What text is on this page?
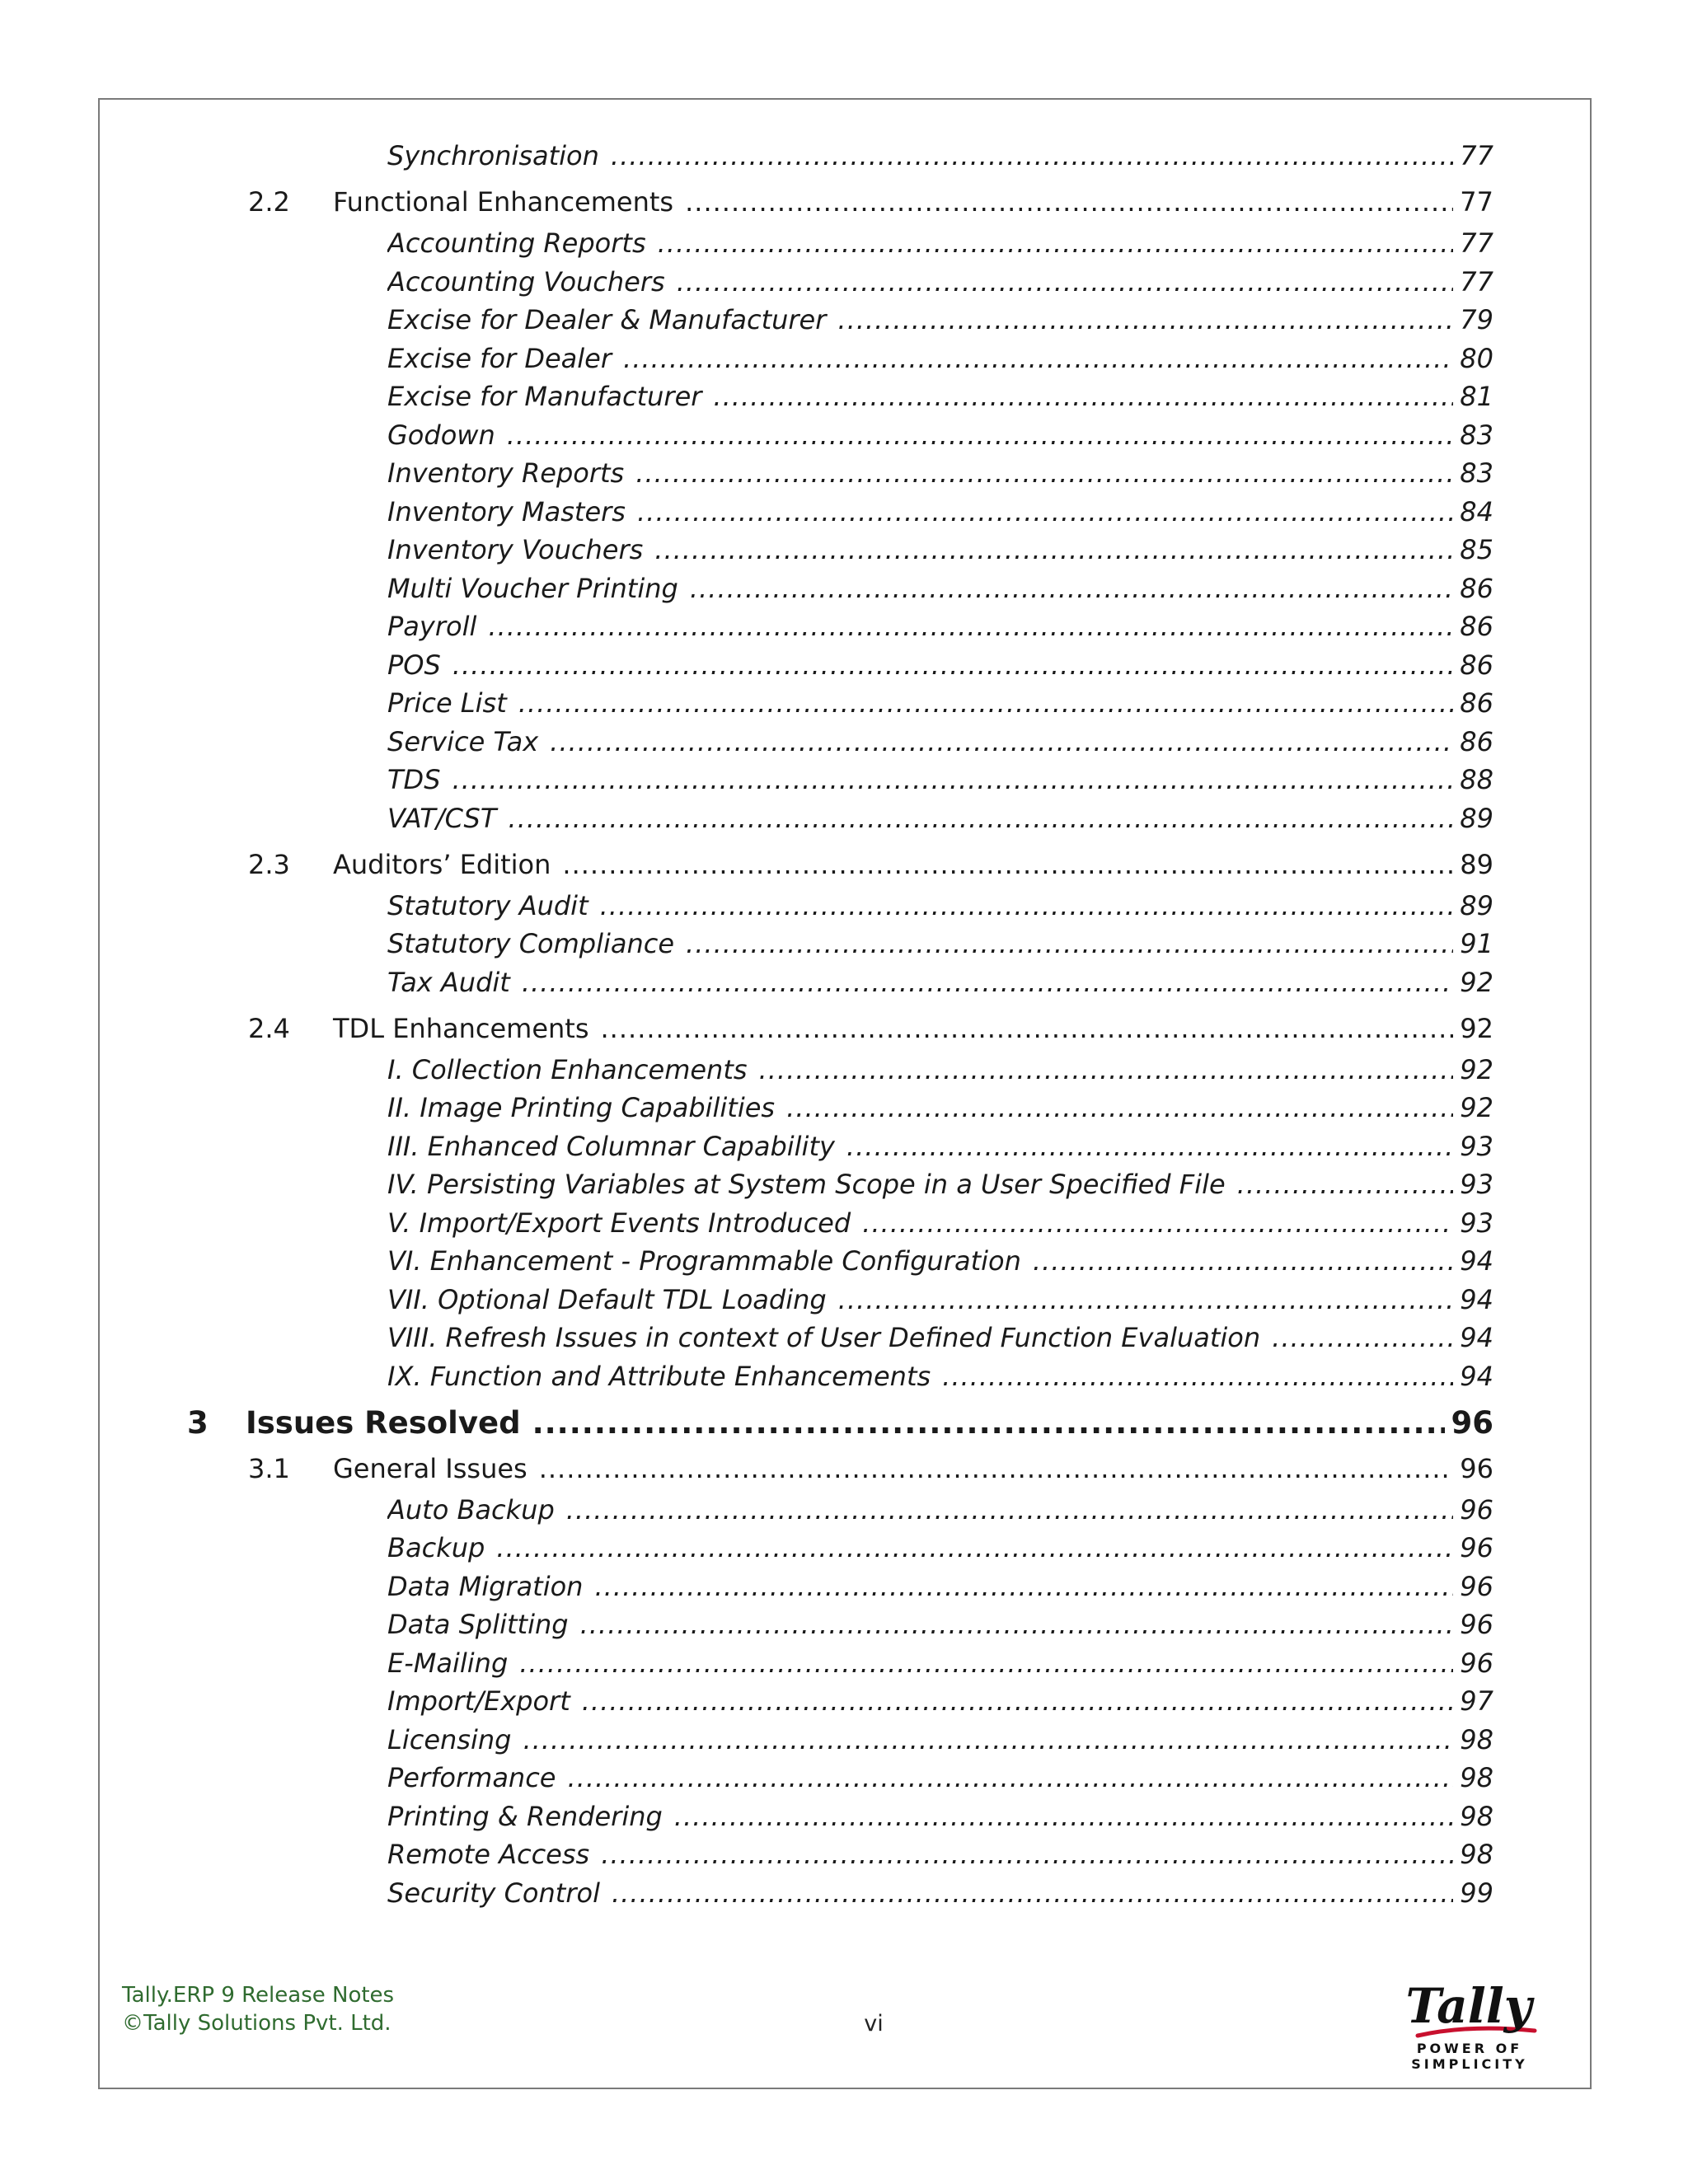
Synchronisation .....	77
2.2	Functional Enhancements .....	77
Accounting Reports .....	77
Accounting Vouchers .....	77
Excise for Dealer & Manufacturer .....	79
Excise for Dealer .....	80
Excise for Manufacturer .....	81
Godown .....	83
Inventory Reports .....	83
Inventory Masters .....	84
Inventory Vouchers .....	85
Multi Voucher Printing .....	86
Payroll .....	86
POS .....	86
Price List .....	86
Service Tax .....	86
TDS .....	88
VAT/CST .....	89
2.3	Auditors’ Edition .....	89
Statutory Audit .....	89
Statutory Compliance .....	91
Tax Audit .....	92
2.4	TDL Enhancements .....	92
I. Collection Enhancements .....	92
II. Image Printing Capabilities .....	92
III. Enhanced Columnar Capability .....	93
IV. Persisting Variables at System Scope in a User Specified File .....	93
V. Import/Export Events Introduced .....	93
VI. Enhancement - Programmable Configuration .....	94
VII. Optional Default TDL Loading .....	94
VIII. Refresh Issues in context of User Defined Function Evaluation .....	94
IX. Function and Attribute Enhancements .....	94
3	Issues Resolved .....	96
3.1	General Issues .....	96
Auto Backup .....	96
Backup .....	96
Data Migration .....	96
Data Splitting .....	96
E-Mailing .....	96
Import/Export .....	97
Licensing .....	98
Performance .....	98
Printing & Rendering .....	98
Remote Access .....	98
Security Control .....	99
Tally.ERP 9 Release Notes
©Tally Solutions Pvt. Ltd.	vi	Tally
POWER OF SIMPLICITY
